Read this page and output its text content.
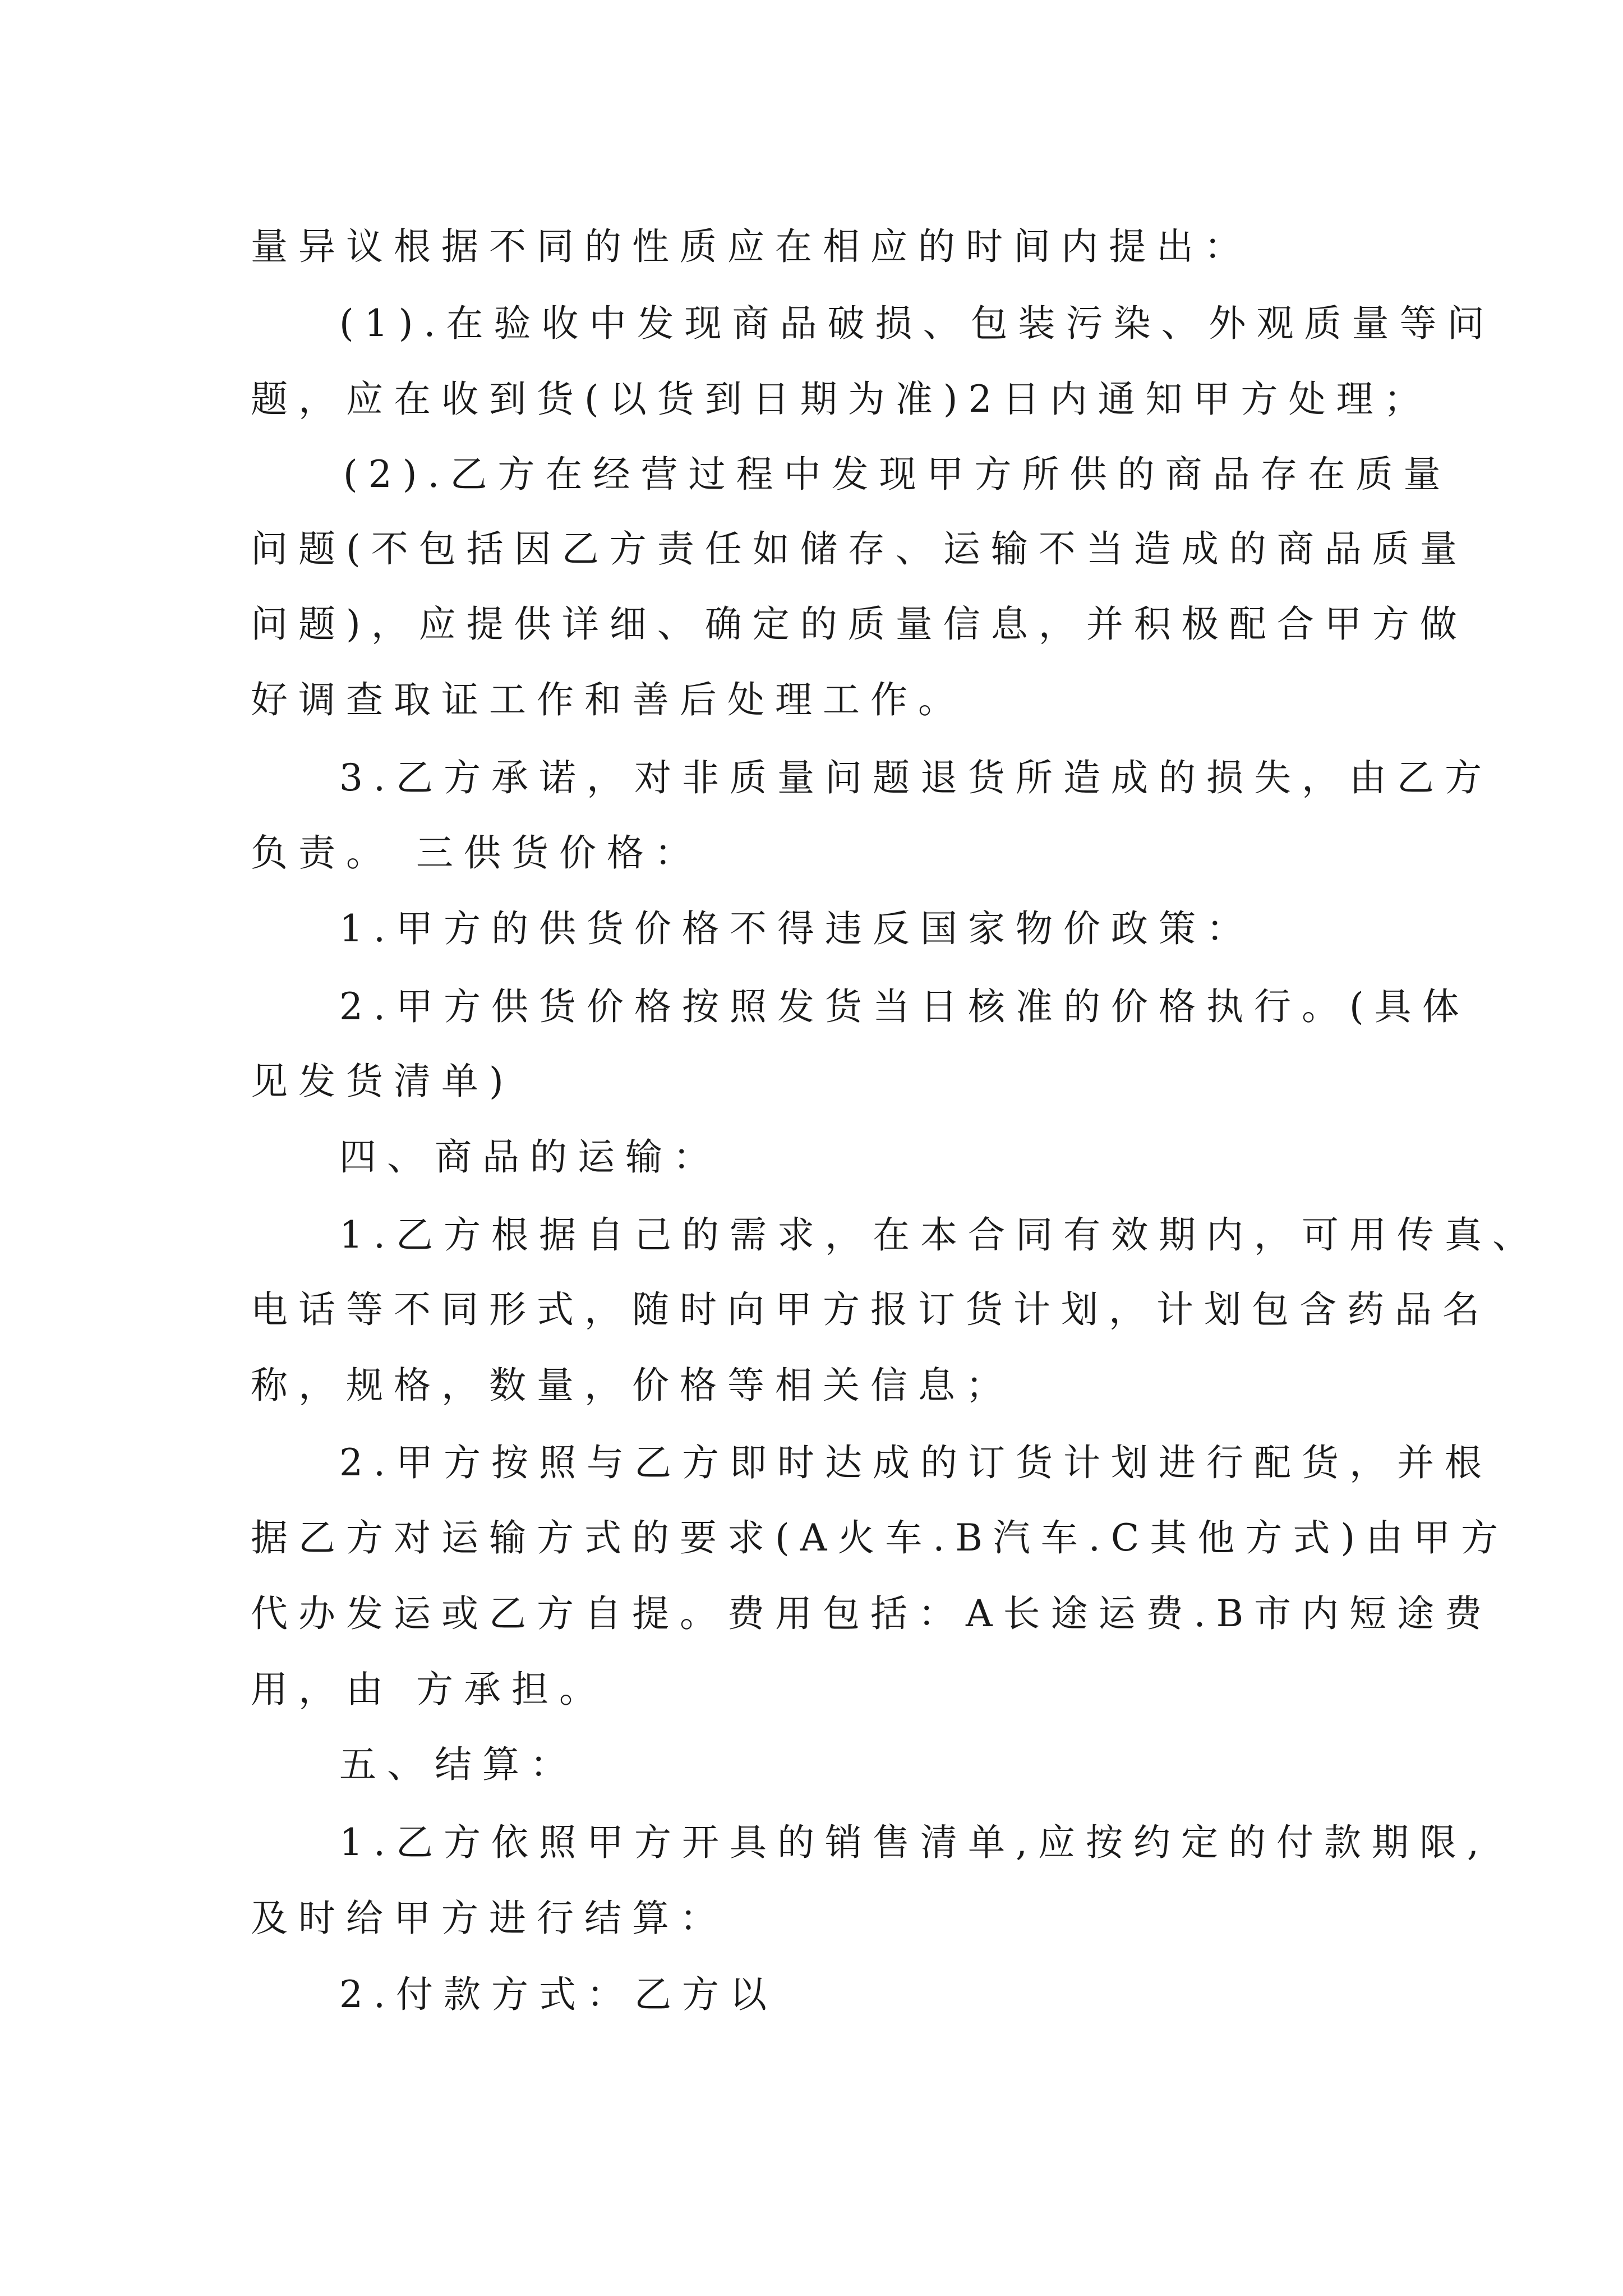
量异议根据不同的性质应在相应的时间内提出：
(1).在验收中发现商品破损、包装污染、外观质量等问
题，应在收到货(以货到日期为准)2日内通知甲方处理；
(2).乙方在经营过程中发现甲方所供的商品存在质量
问题(不包括因乙方责任如储存、运输不当造成的商品质量
问题)，应提供详细、确定的质量信息，并积极配合甲方做
好调查取证工作和善后处理工作。
3.乙方承诺，对非质量问题退货所造成的损失，由乙方
负责。 三供货价格：
1.甲方的供货价格不得违反国家物价政策：
2.甲方供货价格按照发货当日核准的价格执行。(具体
见发货清单)
四、商品的运输：
1.乙方根据自己的需求，在本合同有效期内，可用传真、
电话等不同形式，随时向甲方报订货计划，计划包含药品名
称，规格，数量，价格等相关信息；
2.甲方按照与乙方即时达成的订货计划进行配货，并根
据乙方对运输方式的要求(A火车.B汽车.C其他方式)由甲方
代办发运或乙方自提。费用包括：A长途运费.B市内短途费
用，由 方承担。
五、结算：
1.乙方依照甲方开具的销售清单,应按约定的付款期限,
及时给甲方进行结算：
2.付款方式：乙方以
